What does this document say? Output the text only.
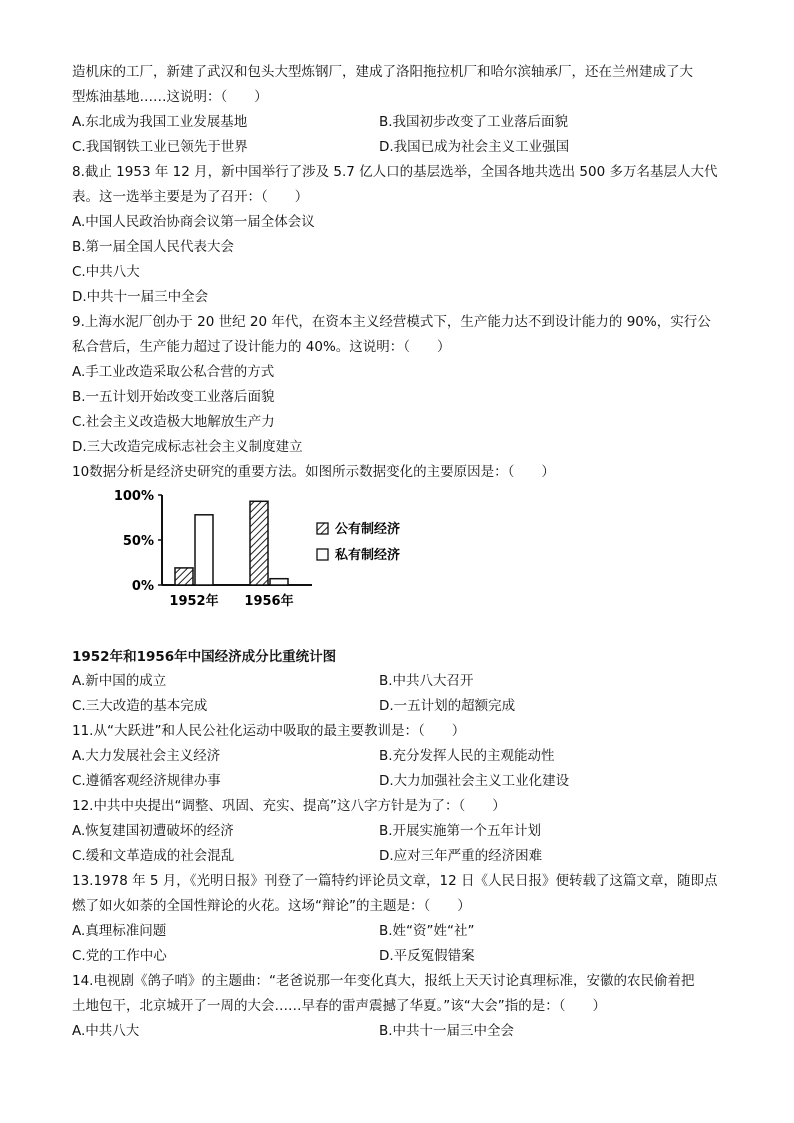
造机床的工厂，新建了武汉和包头大型炼钢厂，建成了洛阳拖拉机厂和哈尔滨轴承厂，还在兰州建成了大
型炼油基地……这说明：（　　）
A.东北成为我国工业发展基地	B.我国初步改变了工业落后面貌
C.我国钢铁工业已领先于世界	D.我国已成为社会主义工业强国
8.截止 1953 年 12 月，新中国举行了涉及 5.7 亿人口的基层选举，全国各地共选出 500 多万名基层人大代
表。这一选举主要是为了召开：（　　）
A.中国人民政治协商会议第一届全体会议
B.第一届全国人民代表大会
C.中共八大
D.中共十一届三中全会
9.上海水泥厂创办于 20 世纪 20 年代，在资本主义经营模式下，生产能力达不到设计能力的 90%，实行公
私合营后，生产能力超过了设计能力的 40%。这说明：（　　）
A.手工业改造采取公私合营的方式
B.一五计划开始改变工业落后面貌
C.社会主义改造极大地解放生产力
D.三大改造完成标志社会主义制度建立
10数据分析是经济史研究的重要方法。如图所示数据变化的主要原因是：（　　）
100%
50%
0%
1952年 1956年
公有制经济
私有制经济
1952年和1956年中国经济成分比重统计图
A.新中国的成立	B.中共八大召开
C.三大改造的基本完成	D.一五计划的超额完成
11.从“大跃进”和人民公社化运动中吸取的最主要教训是：（　　）
A.大力发展社会主义经济	B.充分发挥人民的主观能动性
C.遵循客观经济规律办事	D.大力加强社会主义工业化建设
12.中共中央提出“调整、巩固、充实、提高”这八字方针是为了：（　　）
A.恢复建国初遭破坏的经济	B.开展实施第一个五年计划
C.缓和文革造成的社会混乱	D.应对三年严重的经济困难
13.1978 年 5 月，《光明日报》刊登了一篇特约评论员文章，12 日《人民日报》便转载了这篇文章，随即点
燃了如火如荼的全国性辩论的火花。这场“辩论”的主题是：（　　）
A.真理标准问题	B.姓“资”姓“社”
C.党的工作中心	D.平反冤假错案
14.电视剧《鸽子哨》的主题曲：“老爸说那一年变化真大，报纸上天天讨论真理标准，安徽的农民偷着把
土地包干，北京城开了一周的大会……早春的雷声震撼了华夏。”该“大会”指的是：（　　）
A.中共八大	B.中共十一届三中全会
